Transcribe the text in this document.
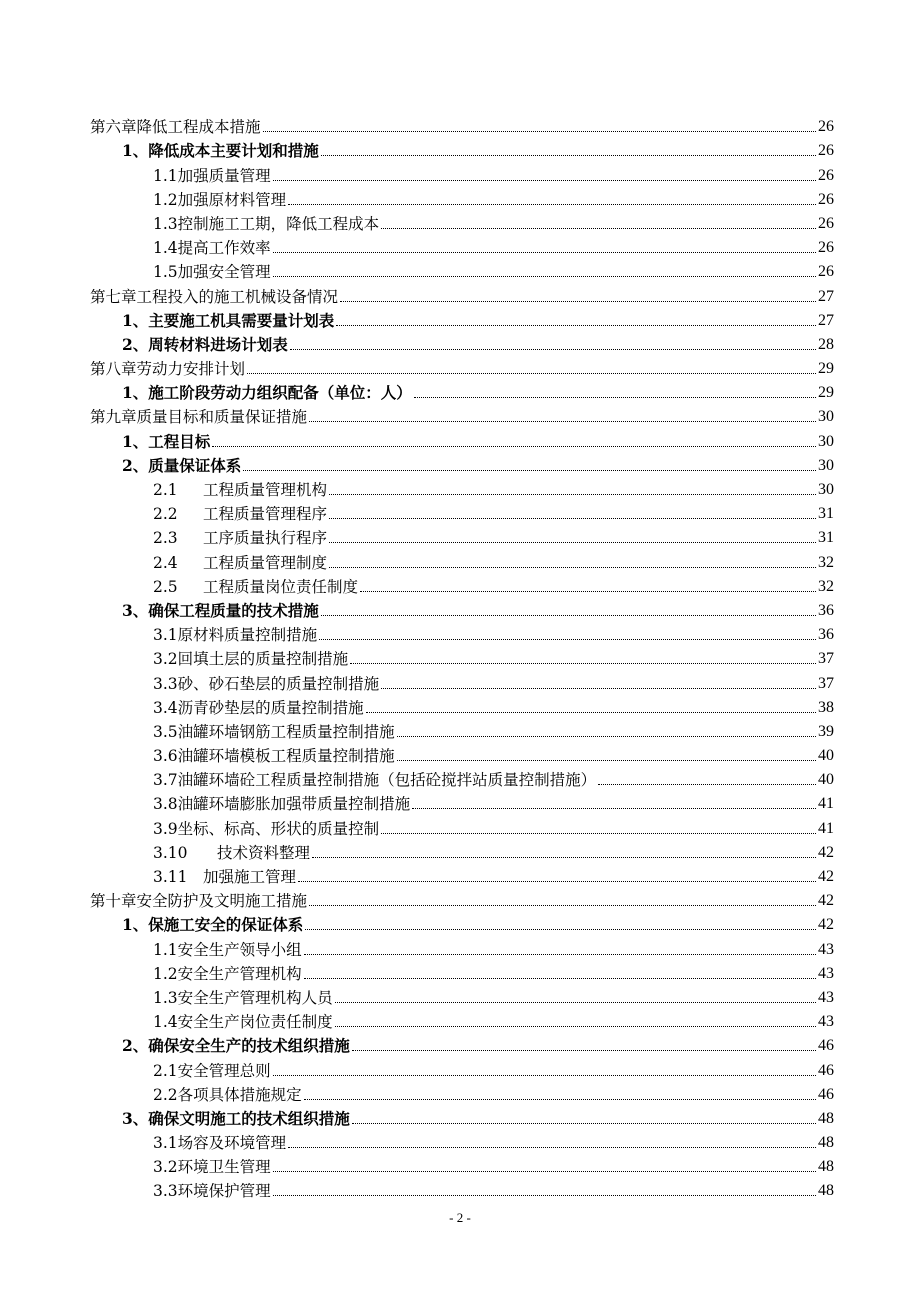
第六章降低工程成本措施	26
1、降低成本主要计划和措施	26
1.1加强质量管理	26
1.2加强原材料管理	26
1.3控制施工工期，降低工程成本	26
1.4提高工作效率	26
1.5加强安全管理	26
第七章工程投入的施工机械设备情况	27
1、主要施工机具需要量计划表	27
2、周转材料进场计划表	28
第八章劳动力安排计划	29
1、施工阶段劳动力组织配备（单位：人）	29
第九章质量目标和质量保证措施	30
1、工程目标	30
2、质量保证体系	30
2.1 工程质量管理机构	30
2.2 工程质量管理程序	31
2.3 工序质量执行程序	31
2.4 工程质量管理制度	32
2.5 工程质量岗位责任制度	32
3、确保工程质量的技术措施	36
3.1原材料质量控制措施	36
3.2回填土层的质量控制措施	37
3.3砂、砂石垫层的质量控制措施	37
3.4沥青砂垫层的质量控制措施	38
3.5油罐环墙钢筋工程质量控制措施	39
3.6油罐环墙模板工程质量控制措施	40
3.7油罐环墙砼工程质量控制措施（包括砼搅拌站质量控制措施）	40
3.8油罐环墙膨胀加强带质量控制措施	41
3.9坐标、标高、形状的质量控制	41
3.10 技术资料整理	42
3.11 加强施工管理	42
第十章安全防护及文明施工措施	42
1、保施工安全的保证体系	42
1.1安全生产领导小组	43
1.2安全生产管理机构	43
1.3安全生产管理机构人员	43
1.4安全生产岗位责任制度	43
2、确保安全生产的技术组织措施	46
2.1安全管理总则	46
2.2各项具体措施规定	46
3、确保文明施工的技术组织措施	48
3.1场容及环境管理	48
3.2环境卫生管理	48
3.3环境保护管理	48
- 2 -
